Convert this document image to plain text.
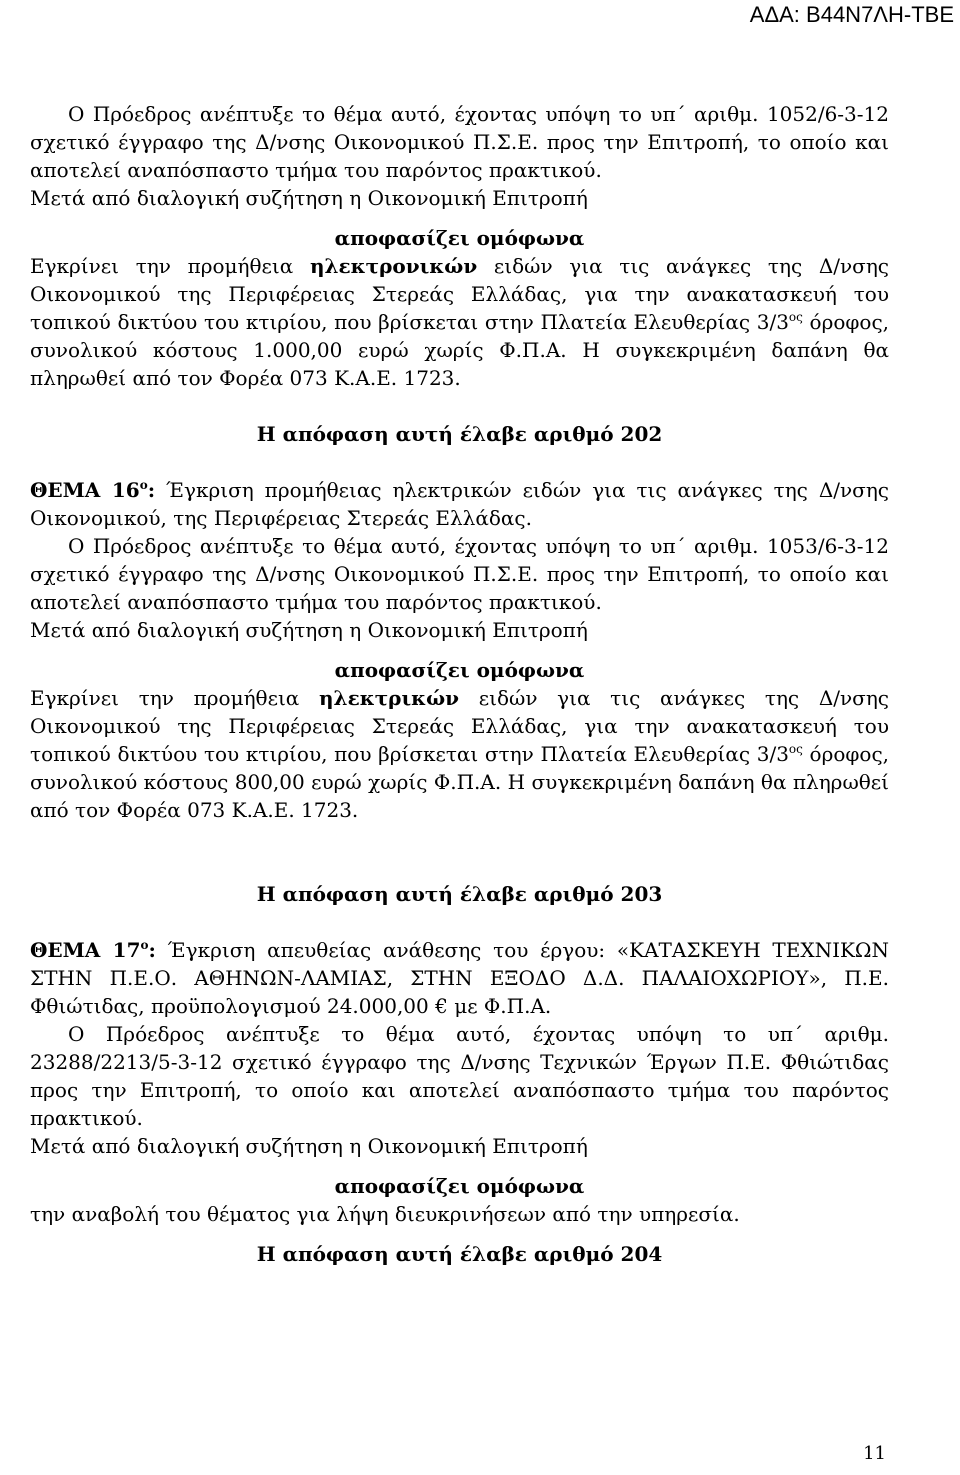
ΑΔΑ: Β44Ν7ΛΗ-ΤΒΕ

Ο Πρόεδρος ανέπτυξε το θέμα αυτό, έχοντας υπόψη το υπ΄ αριθμ. 1052/6-3-12 σχετικό έγγραφο της Δ/νσης Οικονομικού Π.Σ.Ε. προς την Επιτροπή, το οποίο και αποτελεί αναπόσπαστο τμήμα του παρόντος πρακτικού.

Μετά από διαλογική συζήτηση η Οικονομική Επιτροπή

αποφασίζει ομόφωνα

Εγκρίνει την προμήθεια ηλεκτρονικών ειδών για τις ανάγκες της Δ/νσης Οικονομικού της Περιφέρειας Στερεάς Ελλάδας, για την ανακατασκευή του τοπικού δικτύου του κτιρίου, που βρίσκεται στην Πλατεία Ελευθερίας $3/3^{o\varsigma}$ όροφος, συνολικού κόστους 1.000,00 ευρώ χωρίς Φ.Π.Α. Η συγκεκριμένη δαπάνη θα πληρωθεί από τον Φορέα 073 Κ.Α.Ε. 1723.

Η απόφαση αυτή έλαβε αριθμό 202

ΘΕΜΑ $16^o$: Έγκριση προμήθειας ηλεκτρικών ειδών για τις ανάγκες της Δ/νσης Οικονομικού, της Περιφέρειας Στερεάς Ελλάδας.

Ο Πρόεδρος ανέπτυξε το θέμα αυτό, έχοντας υπόψη το υπ΄ αριθμ. 1053/6-3-12 σχετικό έγγραφο της Δ/νσης Οικονομικού Π.Σ.Ε. προς την Επιτροπή, το οποίο και αποτελεί αναπόσπαστο τμήμα του παρόντος πρακτικού.

Μετά από διαλογική συζήτηση η Οικονομική Επιτροπή

αποφασίζει ομόφωνα

Εγκρίνει την προμήθεια ηλεκτρικών ειδών για τις ανάγκες της Δ/νσης Οικονομικού της Περιφέρειας Στερεάς Ελλάδας, για την ανακατασκευή του τοπικού δικτύου του κτιρίου, που βρίσκεται στην Πλατεία Ελευθερίας $3/3^{o\varsigma}$ όροφος, συνολικού κόστους 800,00 ευρώ χωρίς Φ.Π.Α. Η συγκεκριμένη δαπάνη θα πληρωθεί από τον Φορέα 073 Κ.Α.Ε. 1723.

Η απόφαση αυτή έλαβε αριθμό 203

ΘΕΜΑ $17^o$: Έγκριση απευθείας ανάθεσης του έργου: «ΚΑΤΑΣΚΕΥΗ ΤΕΧΝΙΚΩΝ ΣΤΗΝ Π.Ε.Ο. ΑΘΗΝΩΝ-ΛΑΜΙΑΣ, ΣΤΗΝ ΕΞΟΔΟ Δ.Δ. ΠΑΛΑΙΟΧΩΡΙΟΥ», Π.Ε. Φθιώτιδας, προϋπολογισμού 24.000,00 € με Φ.Π.Α.

Ο Πρόεδρος ανέπτυξε το θέμα αυτό, έχοντας υπόψη το υπ΄ αριθμ. 23288/2213/5-3-12 σχετικό έγγραφο της Δ/νσης Τεχνικών Έργων Π.Ε. Φθιώτιδας προς την Επιτροπή, το οποίο και αποτελεί αναπόσπαστο τμήμα του παρόντος πρακτικού.

Μετά από διαλογική συζήτηση η Οικονομική Επιτροπή

αποφασίζει ομόφωνα

την αναβολή του θέματος για λήψη διευκρινήσεων από την υπηρεσία.

Η απόφαση αυτή έλαβε αριθμό 204

11
